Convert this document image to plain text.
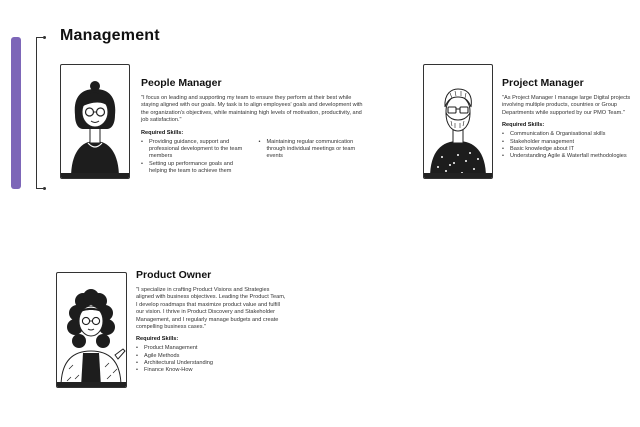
Management
People Manager

"I focus on leading and supporting my team to ensure they perform at their best while staying aligned with our goals. My task is to align employees' goals and development with the organization's objectives, while maintaining high levels of motivation, productivity, and job satisfaction."

Required Skills:
• Providing guidance, support and professional development to the team members
• Setting up performance goals and helping the team to achieve them
• Maintaining regular communication through individual meetings or team events
Project Manager

"As Project Manager I manage large Digital projects involving multiple products, countries or Group Departments while supported by our PMO Team."

Required Skills:
• Communication & Organisational skills
• Stakeholder management
• Basic knowledge about IT
• Understanding Agile & Waterfall methodologies
Product Owner

"I specialize in crafting Product Visions and Strategies aligned with business objectives. Leading the Product Team, I develop roadmaps that maximize product value and fulfill our vision. I thrive in Product Discovery and Stakeholder Management, and I regularly manage budgets and create compelling business cases."

Required Skills:
• Product Management
• Agile Methods
• Architectural Understanding
• Finance Know-How
